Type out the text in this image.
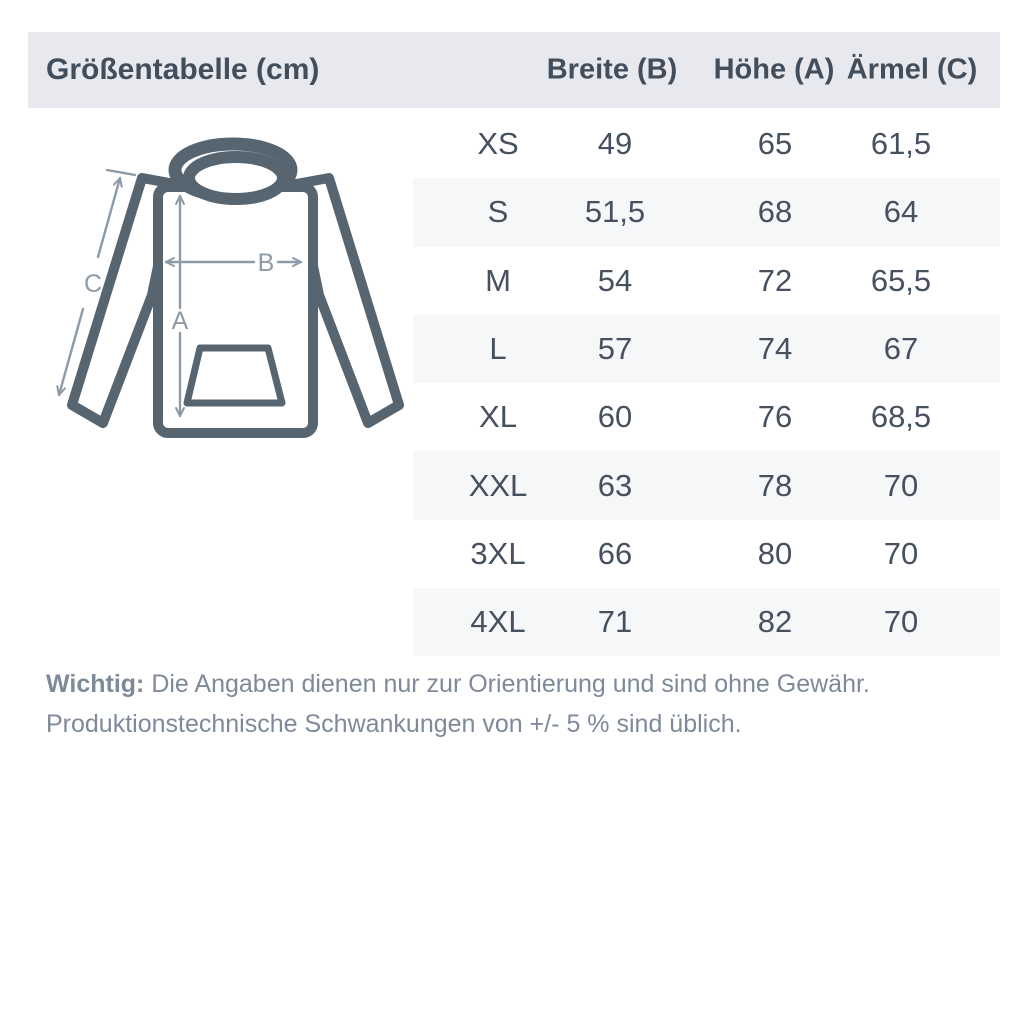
Größentabelle (cm)	Breite (B) Höhe (A) Ärmel (C)
A
B
C
XS	49	65	61,5
S 51,5	68	64
M	54	72	65,5
L	57	74	67
XL	60	76	68,5
XXL 63	78	70
3XL 66	80	70
4XL 71	82	70

Wichtig: Die Angaben dienen nur zur Orientierung und sind ohne Gewähr.
Produktionstechnische Schwankungen von +/- 5 % sind üblich.
